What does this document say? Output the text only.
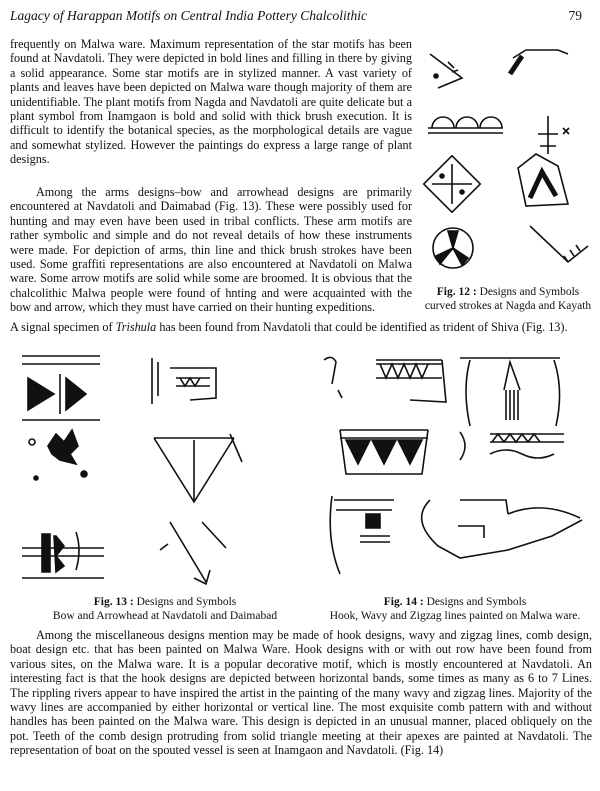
Lagacy of Harappan Motifs on Central India Pottery Chalcolithic	79

frequently on Malwa ware. Maximum representation of the star motifs has been found at Navdatoli. They were depicted in bold lines and filling in there by giving a solid appearance. Some star motifs are in stylized manner. A vast variety of plants and leaves have been depicted on Malwa ware though majority of them are unidentifiable. The plant motifs from Nagda and Navdatoli are quite delicate but a plant symbol from Inamgaon is bold and solid with thick brush execution. It is difficult to identify the botanical species, as the morphological details are vague and somewhat stylized. However the paintings do express a large range of plant designs.

Among the arms designs–bow and arrowhead designs are primarily encountered at Navdatoli and Daimabad (Fig. 13). These were possibly used for hunting and may even have been used in tribal conflicts. These arm motifs are rather symbolic and simple and do not reveal details of how these instruments were made. For depiction of arms, thin line and thick brush strokes have been used. Some graffiti representations are also encountered at Navdatoli on Malwa ware. Some arrow motifs are solid while some are broomed. It is obvious that the chalcolithic Malwa people were found of hnting and were acquainted with the bow and arrow, which they must have carried on their hunting expeditions.

A signal specimen of Trishula has been found from Navdatoli that could be identified as trident of Shiva (Fig. 13).

Fig. 12 : Designs and Symbols
curved strokes at Nagda and Kayath
Fig. 13 : Designs and Symbols
Bow and Arrowhead at Navdatoli and Daimabad
Fig. 14 : Designs and Symbols
Hook, Wavy and Zigzag lines painted on Malwa ware.

Among the miscellaneous designs mention may be made of hook designs, wavy and zigzag lines, comb design, boat design etc. that has been painted on Malwa Ware. Hook designs with or with out row have been found from various sites, on the Malwa ware. It is a popular decorative motif, which is mostly encountered at Navdatoli. An interesting fact is that the hook designs are depicted between horizontal bands, some times as many as 6 to 7 Lines. The rippling rivers appear to have inspired the artist in the painting of the many wavy and zigzag lines. Majority of the wavy lines are accompanied by either horizontal or vertical line. The most exquisite comb pattern with and without handles has been painted on the Malwa ware. This design is depicted in an unusual manner, placed obliquely on the pot. Teeth of the comb design protruding from solid triangle meeting at their apexes are painted at Navdatoli. The representation of boat on the spouted vessel is seen at Inamgaon and Navdatoli. (Fig. 14)
